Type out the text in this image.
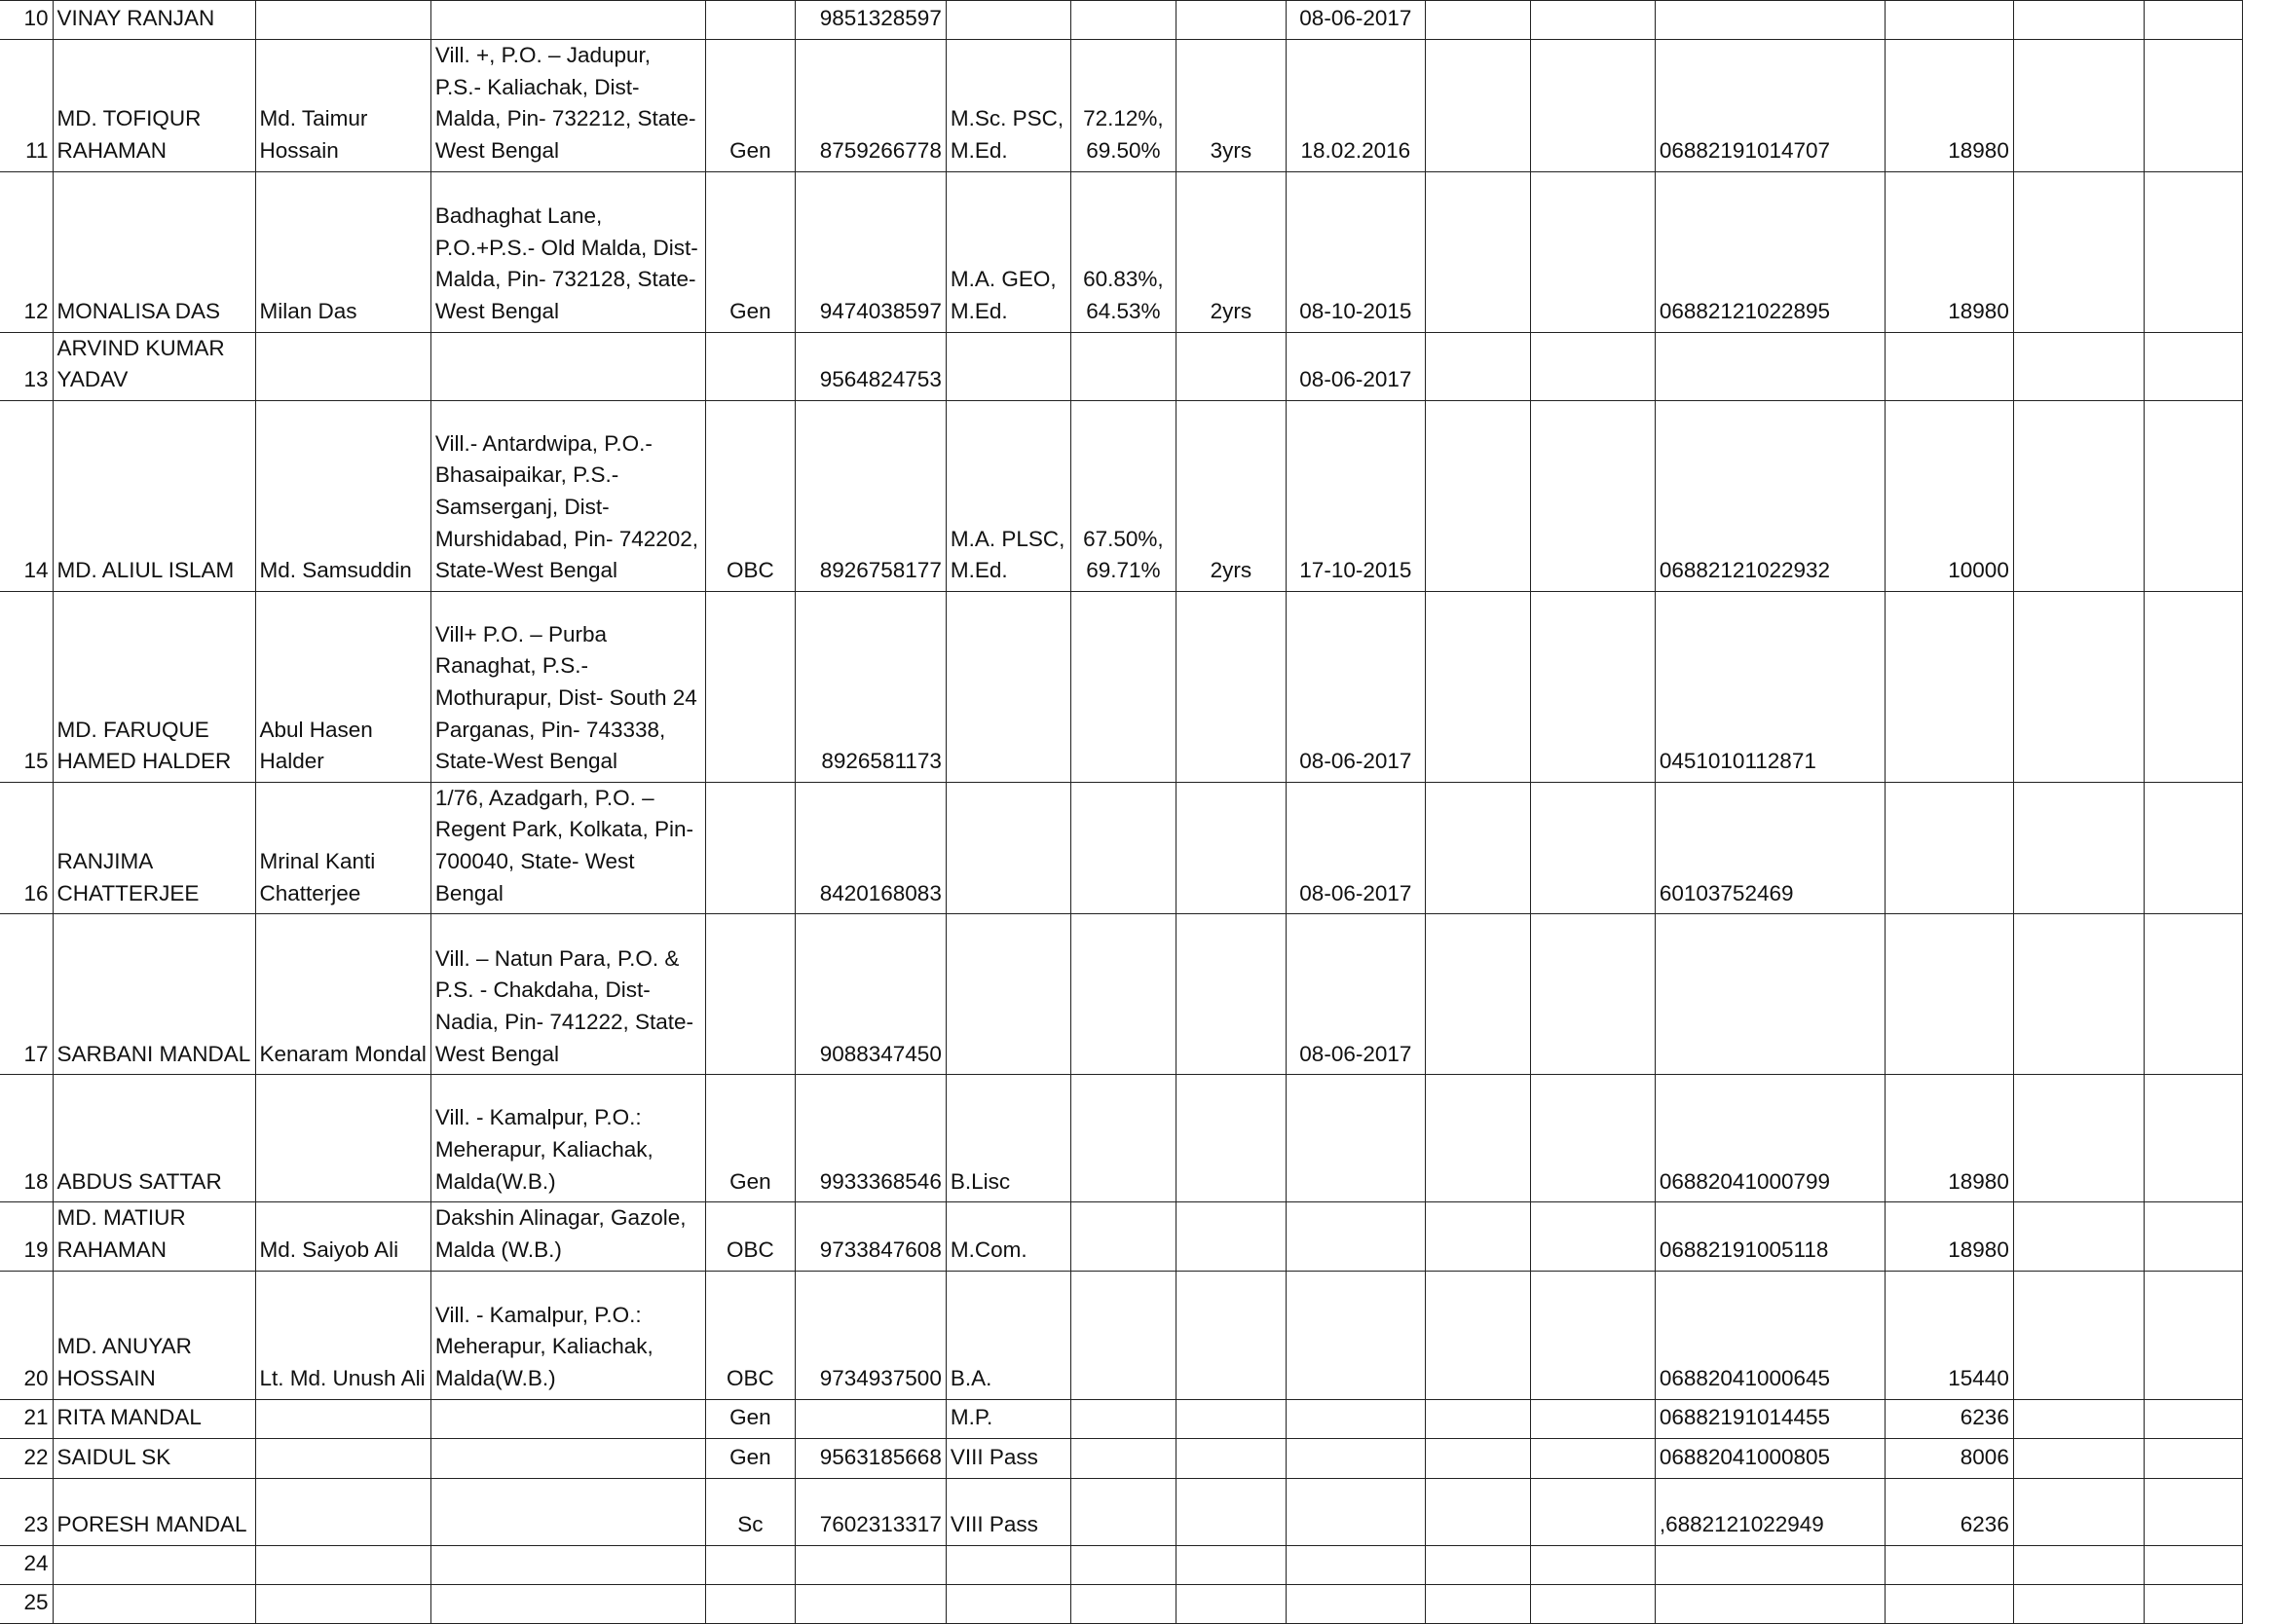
10	VINAY RANJAN				9851328597				08-06-2017						
11	MD. TOFIQUR RAHAMAN	Md. Taimur Hossain	Vill. +, P.O. – Jadupur, P.S.- Kaliachak, Dist- Malda, Pin- 732212, State-West Bengal	Gen	8759266778	M.Sc. PSC, M.Ed.	72.12%, 69.50%	3yrs	18.02.2016			06882191014707	18980		
12	MONALISA DAS	Milan Das	Badhaghat Lane, P.O.+P.S.- Old Malda, Dist- Malda, Pin- 732128, State-West Bengal	Gen	9474038597	M.A. GEO, M.Ed.	60.83%, 64.53%	2yrs	08-10-2015			06882121022895	18980		
13	ARVIND KUMAR YADAV				9564824753				08-06-2017						
14	MD. ALIUL ISLAM	Md. Samsuddin	Vill.- Antardwipa, P.O.- Bhasaipaikar, P.S.- Samserganj, Dist- Murshidabad, Pin- 742202, State-West Bengal	OBC	8926758177	M.A. PLSC, M.Ed.	67.50%, 69.71%	2yrs	17-10-2015			06882121022932	10000		
15	MD. FARUQUE HAMED HALDER	Abul Hasen Halder	Vill+ P.O. – Purba Ranaghat, P.S.- Mothurapur, Dist- South 24 Parganas, Pin- 743338, State-West Bengal		8926581173				08-06-2017			0451010112871			
16	RANJIMA CHATTERJEE	Mrinal Kanti Chatterjee	1/76, Azadgarh, P.O. – Regent Park, Kolkata, Pin- 700040, State- West Bengal		8420168083				08-06-2017			60103752469			
17	SARBANI MANDAL	Kenaram Mondal	Vill. – Natun Para, P.O. & P.S. - Chakdaha, Dist- Nadia, Pin- 741222, State-West Bengal		9088347450				08-06-2017						
18	ABDUS SATTAR		Vill. - Kamalpur, P.O.: Meherapur, Kaliachak, Malda(W.B.)	Gen	9933368546	B.Lisc						06882041000799	18980		
19	MD. MATIUR RAHAMAN	Md. Saiyob Ali	Dakshin Alinagar, Gazole, Malda (W.B.)	OBC	9733847608	M.Com.						06882191005118	18980		
20	MD. ANUYAR HOSSAIN	Lt. Md. Unush Ali	Vill. - Kamalpur, P.O.: Meherapur, Kaliachak, Malda(W.B.)	OBC	9734937500	B.A.						06882041000645	15440		
21	RITA MANDAL			Gen		M.P.						06882191014455	6236		
22	SAIDUL SK			Gen	9563185668	VIII Pass						06882041000805	8006		
23	PORESH MANDAL			Sc	7602313317	VIII Pass						,6882121022949	6236		
24															
25															
